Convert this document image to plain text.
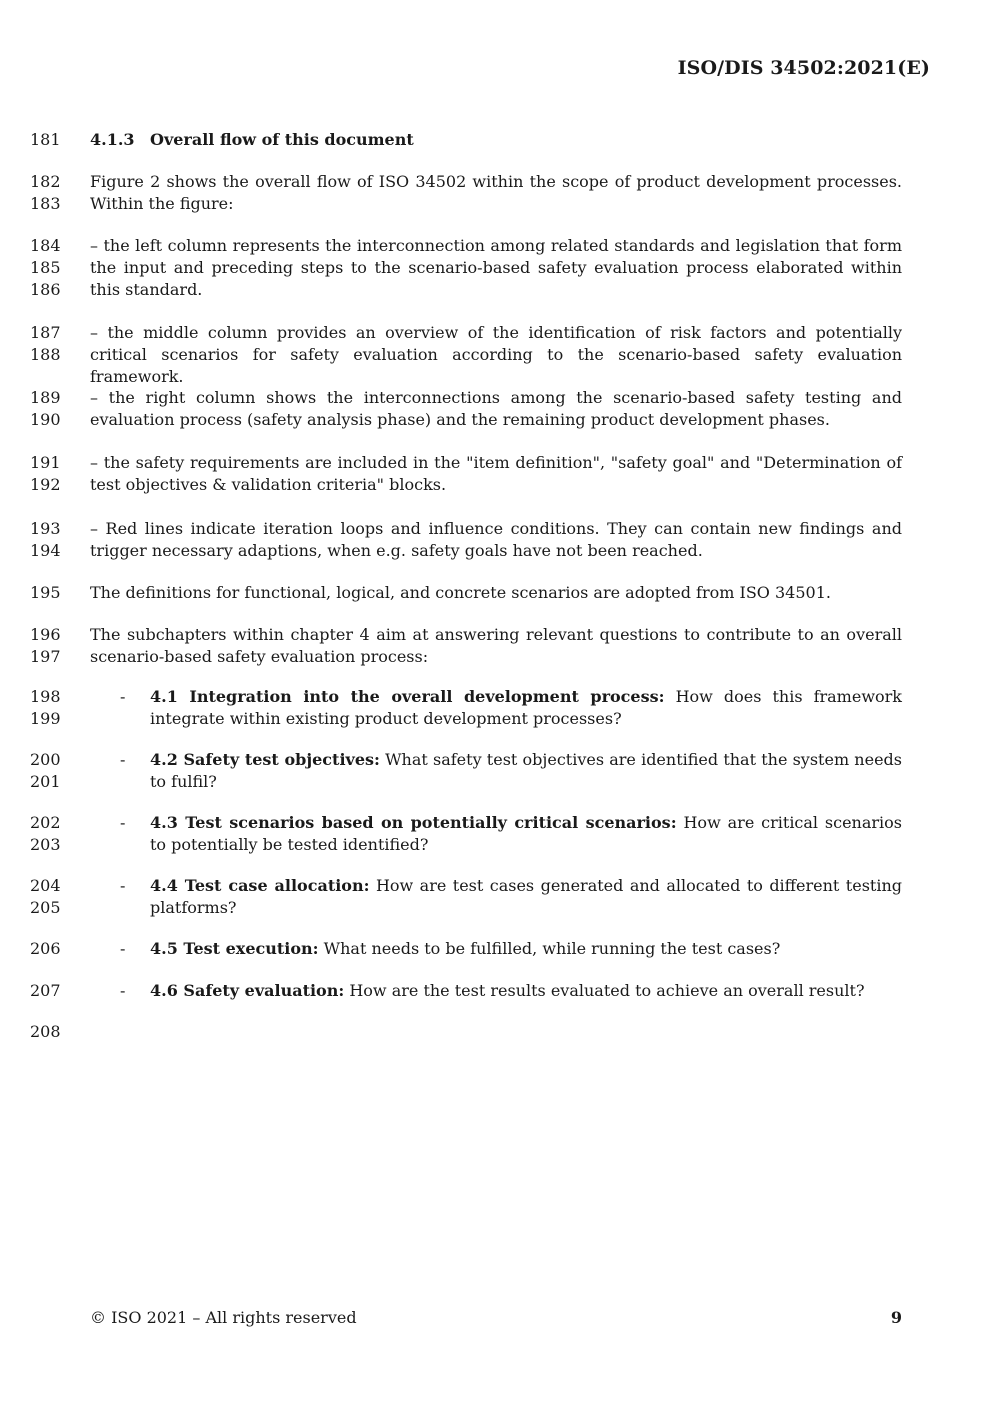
ISO/DIS 34502:2021(E)
181
182
183
184
185
186
187
188
189
190
191
192
193
194
195
196
197
198
199
200
201
202
203
204
205
206
207
208
4.1.3 Overall flow of this document
Figure 2 shows the overall flow of ISO 34502 within the scope of product development processes. Within the figure:
– the left column represents the interconnection among related standards and legislation that form the input and preceding steps to the scenario-based safety evaluation process elaborated within this standard.
– the middle column provides an overview of the identification of risk factors and potentially critical scenarios for safety evaluation according to the scenario-based safety evaluation framework.
– the right column shows the interconnections among the scenario-based safety testing and evaluation process (safety analysis phase) and the remaining product development phases.
– the safety requirements are included in the "item definition", "safety goal" and "Determination of test objectives & validation criteria" blocks.
– Red lines indicate iteration loops and influence conditions. They can contain new findings and trigger necessary adaptions, when e.g. safety goals have not been reached.
The definitions for functional, logical, and concrete scenarios are adopted from ISO 34501.
The subchapters within chapter 4 aim at answering relevant questions to contribute to an overall scenario-based safety evaluation process:
- 4.1 Integration into the overall development process: How does this framework integrate within existing product development processes?
- 4.2 Safety test objectives: What safety test objectives are identified that the system needs to fulfil?
- 4.3 Test scenarios based on potentially critical scenarios: How are critical scenarios to potentially be tested identified?
- 4.4 Test case allocation: How are test cases generated and allocated to different testing platforms?
- 4.5 Test execution: What needs to be fulfilled, while running the test cases?
- 4.6 Safety evaluation: How are the test results evaluated to achieve an overall result?
© ISO 2021 – All rights reserved	9
